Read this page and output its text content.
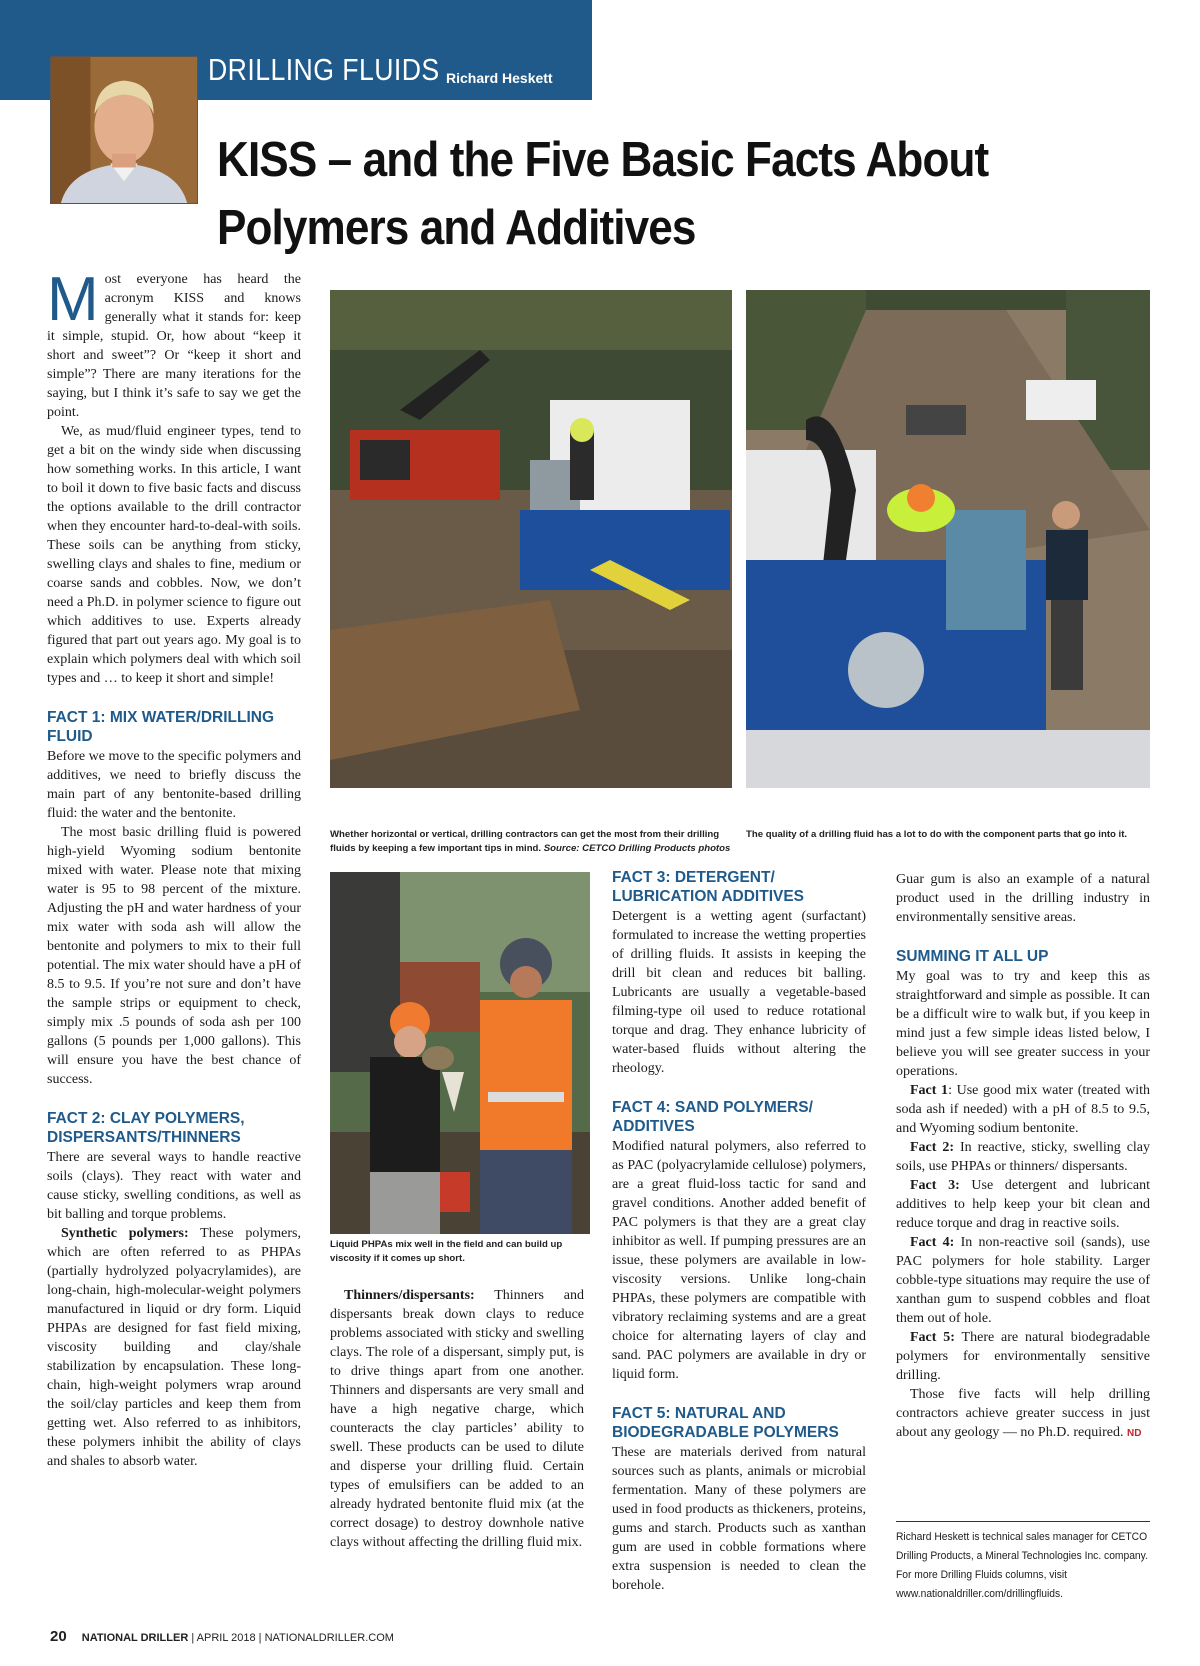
DRILLING FLUIDS Richard Heskett
KISS – and the Five Basic Facts About Polymers and Additives

Most everyone has heard the acronym KISS and knows generally what it stands for: keep it simple, stupid. Or, how about “keep it short and sweet”? Or “keep it short and simple”? There are many iterations for the saying, but I think it’s safe to say we get the point.

We, as mud/fluid engineer types, tend to get a bit on the windy side when discussing how something works. In this article, I want to boil it down to five basic facts and discuss the options available to the drill contractor when they encounter hard-to-deal-with soils. These soils can be anything from sticky, swelling clays and shales to fine, medium or coarse sands and cobbles. Now, we don’t need a Ph.D. in polymer science to figure out which additives to use. Experts already figured that part out years ago. My goal is to explain which polymers deal with which soil types and … to keep it short and simple!

FACT 1: MIX WATER/DRILLING FLUID

Before we move to the specific polymers and additives, we need to briefly discuss the main part of any bentonite-based drilling fluid: the water and the bentonite.

The most basic drilling fluid is powered high-yield Wyoming sodium bentonite mixed with water. Please note that mixing water is 95 to 98 percent of the mixture. Adjusting the pH and water hardness of your mix water with soda ash will allow the bentonite and polymers to mix to their full potential. The mix water should have a pH of 8.5 to 9.5. If you’re not sure and don’t have the sample strips or equipment to check, simply mix .5 pounds of soda ash per 100 gallons (5 pounds per 1,000 gallons). This will ensure you have the best chance of success.

FACT 2: CLAY POLYMERS, DISPERSANTS/THINNERS

There are several ways to handle reactive soils (clays). They react with water and cause sticky, swelling conditions, as well as bit balling and torque problems.

Synthetic polymers: These polymers, which are often referred to as PHPAs (partially hydrolyzed polyacrylamides), are long-chain, high-molecular-weight polymers manufactured in liquid or dry form. Liquid PHPAs are designed for fast field mixing, viscosity building and clay/shale stabilization by encapsulation. These long-chain, high-weight polymers wrap around the soil/clay particles and keep them from getting wet. Also referred to as inhibitors, these polymers inhibit the ability of clays and shales to absorb water.

Whether horizontal or vertical, drilling contractors can get the most from their drilling fluids by keeping a few important tips in mind. Source: CETCO Drilling Products photos
The quality of a drilling fluid has a lot to do with the component parts that go into it.
Liquid PHPAs mix well in the field and can build up viscosity if it comes up short.

Thinners/dispersants: Thinners and dispersants break down clays to reduce problems associated with sticky and swelling clays. The role of a dispersant, simply put, is to drive things apart from one another. Thinners and dispersants are very small and have a high negative charge, which counteracts the clay particles’ ability to swell. These products can be used to dilute and disperse your drilling fluid. Certain types of emulsifiers can be added to an already hydrated bentonite fluid mix (at the correct dosage) to destroy downhole native clays without affecting the drilling fluid mix.

FACT 3: DETERGENT/ LUBRICATION ADDITIVES

Detergent is a wetting agent (surfactant) formulated to increase the wetting properties of drilling fluids. It assists in keeping the drill bit clean and reduces bit balling. Lubricants are usually a vegetable-based filming-type oil used to reduce rotational torque and drag. They enhance lubricity of water-based fluids without altering the rheology.

FACT 4: SAND POLYMERS/ ADDITIVES

Modified natural polymers, also referred to as PAC (polyacrylamide cellulose) polymers, are a great fluid-loss tactic for sand and gravel conditions. Another added benefit of PAC polymers is that they are a great clay inhibitor as well. If pumping pressures are an issue, these polymers are available in low-viscosity versions. Unlike long-chain PHPAs, these polymers are compatible with vibratory reclaiming systems and are a great choice for alternating layers of clay and sand. PAC polymers are available in dry or liquid form.

FACT 5: NATURAL AND BIODEGRADABLE POLYMERS

These are materials derived from natural sources such as plants, animals or microbial fermentation. Many of these polymers are used in food products as thickeners, proteins, gums and starch. Products such as xanthan gum are used in cobble formations where extra suspension is needed to clean the borehole.

Guar gum is also an example of a natural product used in the drilling industry in environmentally sensitive areas.

SUMMING IT ALL UP

My goal was to try and keep this as straightforward and simple as possible. It can be a difficult wire to walk but, if you keep in mind just a few simple ideas listed below, I believe you will see greater success in your operations.

Fact 1: Use good mix water (treated with soda ash if needed) with a pH of 8.5 to 9.5, and Wyoming sodium bentonite.

Fact 2: In reactive, sticky, swelling clay soils, use PHPAs or thinners/ dispersants.

Fact 3: Use detergent and lubricant additives to help keep your bit clean and reduce torque and drag in reactive soils.

Fact 4: In non-reactive soil (sands), use PAC polymers for hole stability. Larger cobble-type situations may require the use of xanthan gum to suspend cobbles and float them out of hole.

Fact 5: There are natural biodegradable polymers for environmentally sensitive drilling.

Those five facts will help drilling contractors achieve greater success in just about any geology — no Ph.D. required. ND

Richard Heskett is technical sales manager for CETCO Drilling Products, a Mineral Technologies Inc. company. For more Drilling Fluids columns, visit www.nationaldriller.com/drillingfluids.
20 NATIONAL DRILLER | APRIL 2018 | NATIONALDRILLER.COM
